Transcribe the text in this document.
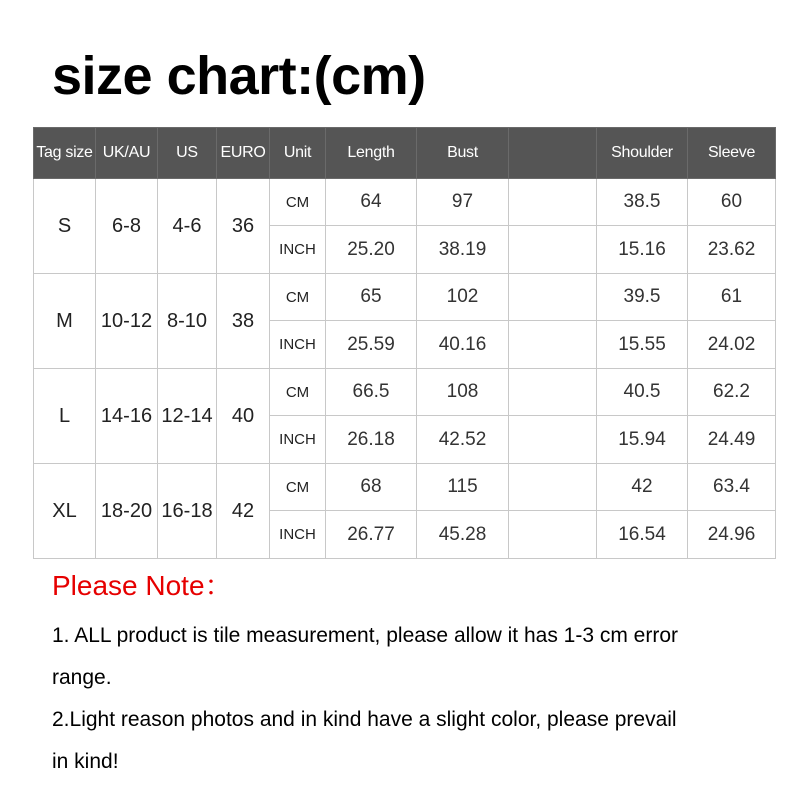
size chart:(cm)
Tag size	UK/AU	US	EURO	Unit	Length	Bust		Shoulder	Sleeve
S	6-8	4-6	36	CM	64	97		38.5	60
				INCH	25.20	38.19		15.16	23.62
M	10-12	8-10	38	CM	65	102		39.5	61
				INCH	25.59	40.16		15.55	24.02
L	14-16	12-14	40	CM	66.5	108		40.5	62.2
				INCH	26.18	42.52		15.94	24.49
XL	18-20	16-18	42	CM	68	115		42	63.4
				INCH	26.77	45.28		16.54	24.96
Please Note：
1. ALL product is tile measurement, please allow it has 1-3 cm error
range.
2.Light reason photos and in kind have a slight color, please prevail
in kind!
